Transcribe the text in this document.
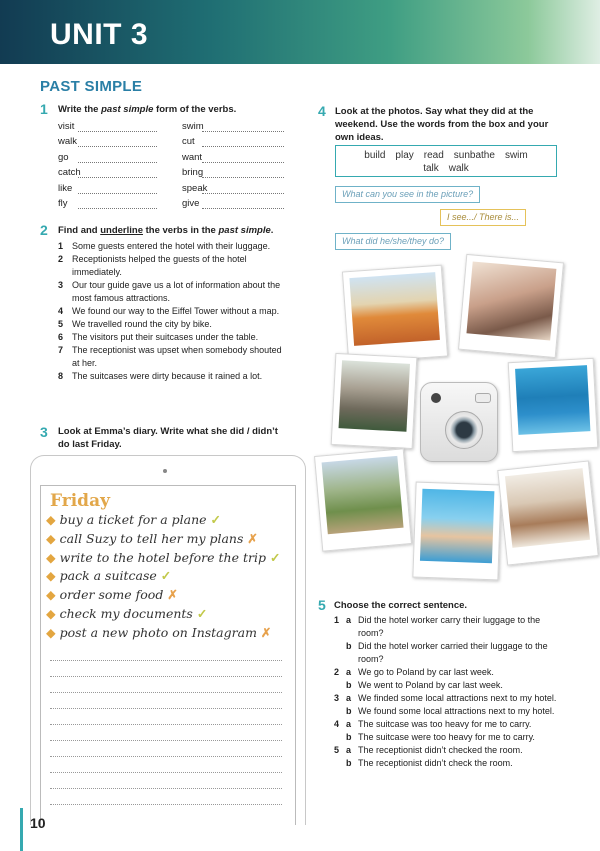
UNIT 3
PAST SIMPLE
1 Write the past simple form of the verbs.
visit
walk
go
catch
like
fly
swim
cut
want
bring
speak
give
2 Find and underline the verbs in the past simple.
1 Some guests entered the hotel with their luggage.
2 Receptionists helped the guests of the hotel immediately.
3 Our tour guide gave us a lot of information about the most famous attractions.
4 We found our way to the Eiffel Tower without a map.
5 We travelled round the city by bike.
6 The visitors put their suitcases under the table.
7 The receptionist was upset when somebody shouted at her.
8 The suitcases were dirty because it rained a lot.
3 Look at Emma’s diary. Write what she did / didn’t
do last Friday.
Friday
◆ buy a ticket for a plane ✓
◆ call Suzy to tell her my plans ✗
◆ write to the hotel before the trip ✓
◆ pack a suitcase ✓
◆ order some food ✗
◆ check my documents ✓
◆ post a new photo on Instagram ✗
10
4 Look at the photos. Say what they did at the
weekend. Use the words from the box and your
own ideas.
build play read sunbathe swim
talk walk
What can you see in the picture?
I see.../ There is...
What did he/she/they do?
5 Choose the correct sentence.
1 a Did the hotel worker carry their luggage to the room?
b Did the hotel worker carried their luggage to the room?
2 a We go to Poland by car last week.
b We went to Poland by car last week.
3 a We finded some local attractions next to my hotel.
b We found some local attractions next to my hotel.
4 a The suitcase was too heavy for me to carry.
b The suitcase were too heavy for me to carry.
5 a The receptionist didn’t checked the room.
b The receptionist didn’t check the room.
